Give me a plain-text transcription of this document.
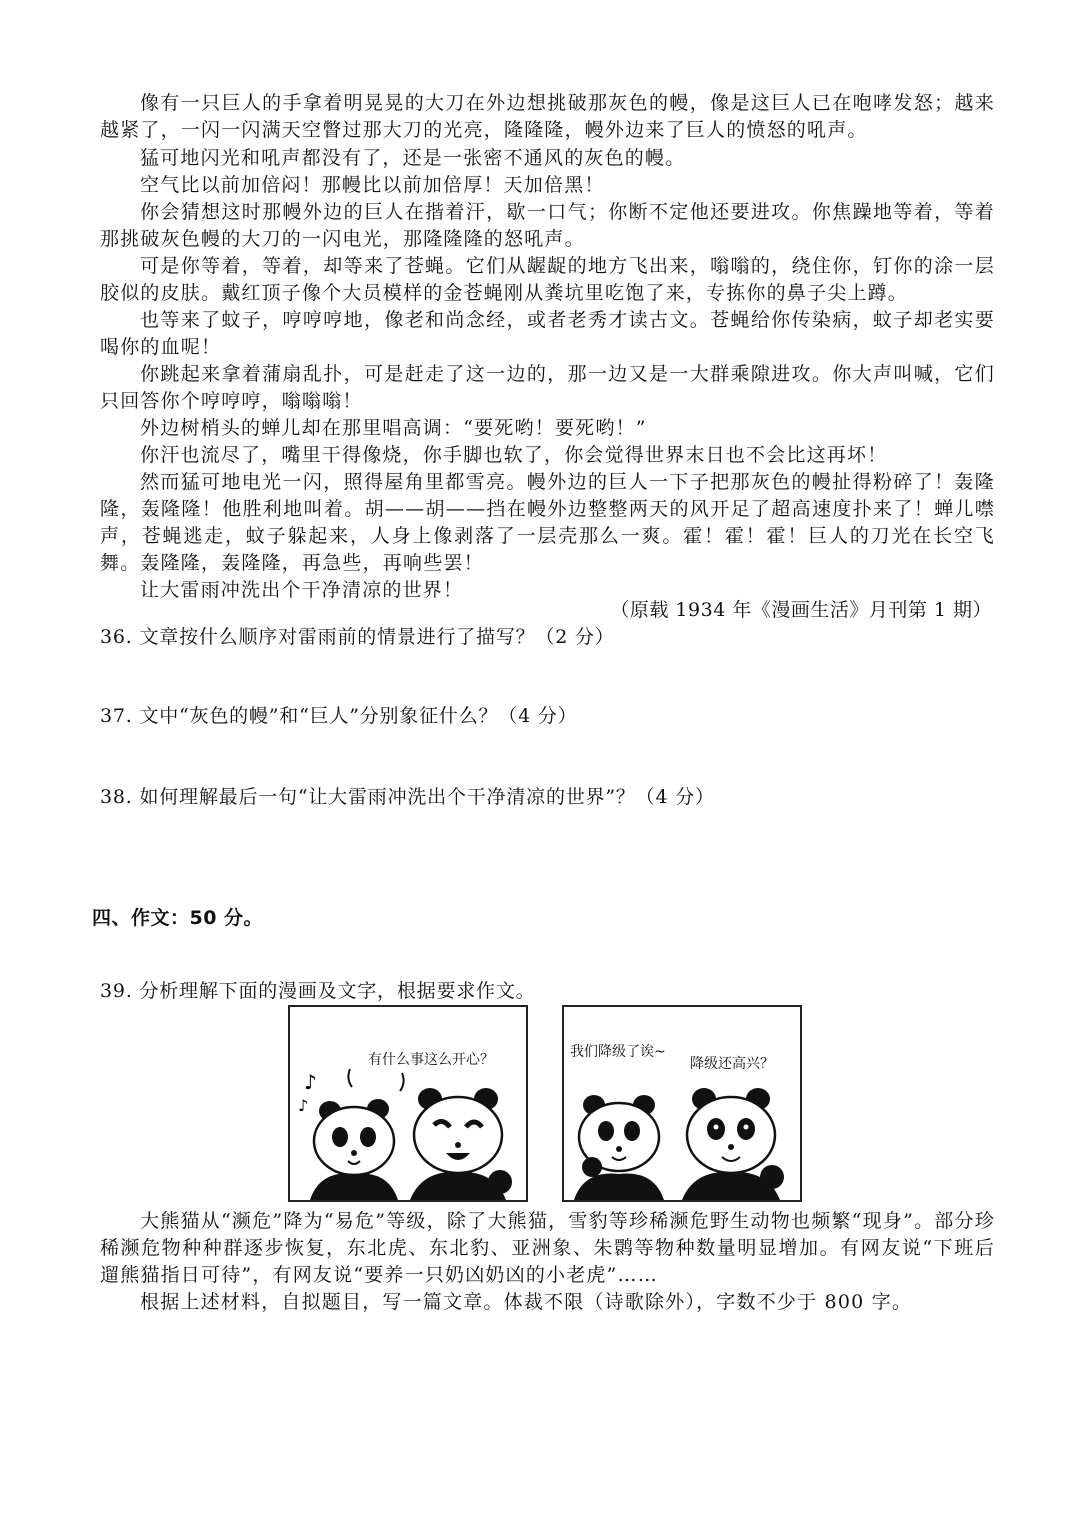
像有一只巨人的手拿着明晃晃的大刀在外边想挑破那灰色的幔，像是这巨人已在咆哮发怒；越来越紧了，一闪一闪满天空瞥过那大刀的光亮，隆隆隆，幔外边来了巨人的愤怒的吼声。

猛可地闪光和吼声都没有了，还是一张密不通风的灰色的幔。

空气比以前加倍闷！那幔比以前加倍厚！天加倍黑！

你会猜想这时那幔外边的巨人在揩着汗，歇一口气；你断不定他还要进攻。你焦躁地等着，等着那挑破灰色幔的大刀的一闪电光，那隆隆隆的怒吼声。

可是你等着，等着，却等来了苍蝇。它们从龌龊的地方飞出来，嗡嗡的，绕住你，钉你的涂一层胶似的皮肤。戴红顶子像个大员模样的金苍蝇刚从粪坑里吃饱了来，专拣你的鼻子尖上蹲。

也等来了蚊子，哼哼哼地，像老和尚念经，或者老秀才读古文。苍蝇给你传染病，蚊子却老实要喝你的血呢！

你跳起来拿着蒲扇乱扑，可是赶走了这一边的，那一边又是一大群乘隙进攻。你大声叫喊，它们只回答你个哼哼哼，嗡嗡嗡！

外边树梢头的蝉儿却在那里唱高调：“要死哟！要死哟！”

你汗也流尽了，嘴里干得像烧，你手脚也软了，你会觉得世界末日也不会比这再坏！

然而猛可地电光一闪，照得屋角里都雪亮。幔外边的巨人一下子把那灰色的幔扯得粉碎了！轰隆隆，轰隆隆！他胜利地叫着。胡——胡——挡在幔外边整整两天的风开足了超高速度扑来了！蝉儿噤声，苍蝇逃走，蚊子躲起来，人身上像剥落了一层壳那么一爽。霍！霍！霍！巨人的刀光在长空飞舞。轰隆隆，轰隆隆，再急些，再响些罢！

让大雷雨冲洗出个干净清凉的世界！

（原载 1934 年《漫画生活》月刊第 1 期）

36. 文章按什么顺序对雷雨前的情景进行了描写？（2 分）

37. 文中“灰色的幔”和“巨人”分别象征什么？（4 分）

38. 如何理解最后一句“让大雷雨冲洗出个干净清凉的世界”？（4 分）

四、作文：50 分。

39. 分析理解下面的漫画及文字，根据要求作文。

有什么事这么开心？
♪
♪
我们降级了诶~
降级还高兴？

大熊猫从“濒危”降为“易危”等级，除了大熊猫，雪豹等珍稀濒危野生动物也频繁“现身”。部分珍稀濒危物种种群逐步恢复，东北虎、东北豹、亚洲象、朱鹮等物种数量明显增加。有网友说“下班后遛熊猫指日可待”，有网友说“要养一只奶凶奶凶的小老虎”……

根据上述材料，自拟题目，写一篇文章。体裁不限（诗歌除外），字数不少于 800 字。
